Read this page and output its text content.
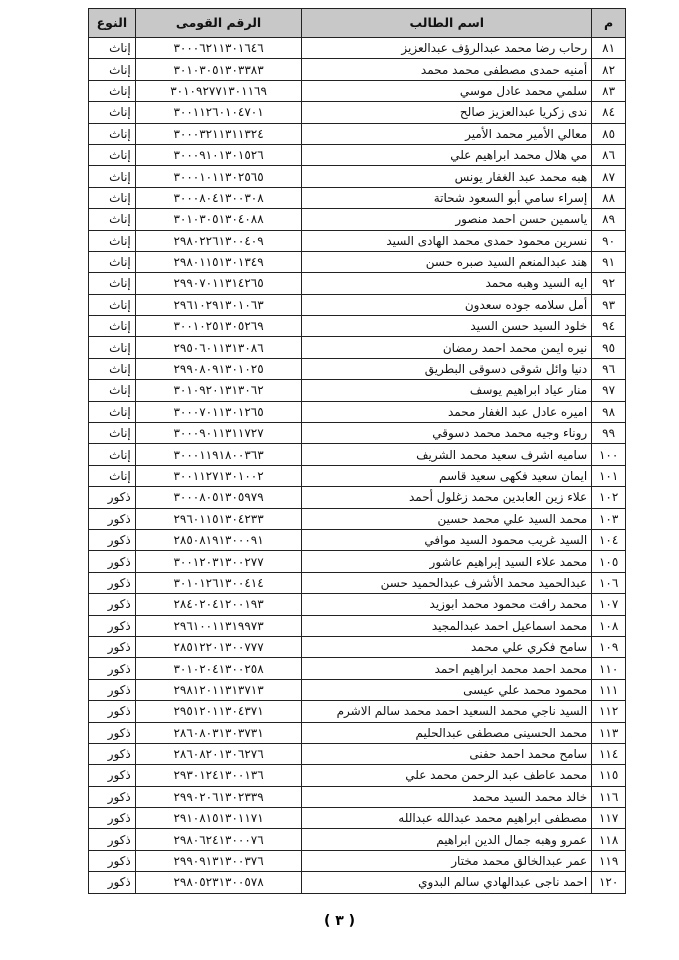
م	اسم الطالب	الرقم القومى	النوع
٨١	رحاب رضا محمد عبدالرؤف عبدالعزيز	٣٠٠٠٦٢١١٣٠١٦٤٦	إناث
٨٢	أمنيه حمدى مصطفى محمد محمد	٣٠١٠٣٠٥١٣٠٣٣٨٣	إناث
٨٣	سلمي محمد عادل موسي	٣٠١٠٩٢٧٧١٣٠١١٦٩	إناث
٨٤	ندى زكريا عبدالعزيز صالح	٣٠٠١١٢٦٠١٠٤٧٠١	إناث
٨٥	معالي الأمير محمد الأمير	٣٠٠٠٣٢١١٣١١٣٢٤	إناث
٨٦	مي هلال محمد ابراهيم علي	٣٠٠٠٩١٠١٣٠١٥٢٦	إناث
٨٧	هبه محمد عبد الغفار يونس	٣٠٠٠١٠١١٣٠٢٥٦٥	إناث
٨٨	إسراء سامي أبو السعود شحاتة	٣٠٠٠٨٠٤١٣٠٠٣٠٨	إناث
٨٩	ياسمين حسن احمد منصور	٣٠١٠٣٠٥١٣٠٤٠٨٨	إناث
٩٠	نسرين محمود حمدى محمد الهادى السيد	٢٩٨٠٢٢٦١٣٠٠٤٠٩	إناث
٩١	هند عبدالمنعم السيد صبره حسن	٢٩٨٠١١٥١٣٠١٣٤٩	إناث
٩٢	ايه السيد وهبه محمد	٢٩٩٠٧٠١١٣١٤٢٦٥	إناث
٩٣	أمل سلامه جوده سعدون	٢٩٦١٠٢٩١٣٠١٠٦٣	إناث
٩٤	خلود السيد حسن السيد	٣٠٠١٠٢٥١٣٠٥٢٦٩	إناث
٩٥	نيره ايمن محمد احمد رمضان	٢٩٥٠٦٠١١٣١٣٠٨٦	إناث
٩٦	دنيا وائل شوقى دسوقى البطريق	٢٩٩٠٨٠٩١٣٠١٠٢٥	إناث
٩٧	منار عياد ابراهيم يوسف	٣٠١٠٩٢٠١٣١٣٠٦٢	إناث
٩٨	اميره عادل عبد الغفار محمد	٣٠٠٠٧٠١١٣٠١٢٦٥	إناث
٩٩	روناء وجيه محمد محمد دسوقي	٣٠٠٠٩٠١١٣١١٧٢٧	إناث
١٠٠	ساميه اشرف سعيد محمد الشريف	٣٠٠٠١١٩١٨٠٠٣٦٣	إناث
١٠١	ايمان سعيد فكهى سعيد قاسم	٣٠٠١١٢٧١٣٠١٠٠٢	إناث
١٠٢	علاء زين العابدين محمد زغلول أحمد	٣٠٠٠٨٠٥١٣٠٥٩٧٩	ذكور
١٠٣	محمد السيد علي محمد حسين	٢٩٦٠١١٥١٣٠٤٢٣٣	ذكور
١٠٤	السيد غريب محمود السيد موافي	٢٨٥٠٨١٩١٣٠٠٠٩١	ذكور
١٠٥	محمد علاء السيد إبراهيم عاشور	٣٠٠١٢٠٣١٣٠٠٢٧٧	ذكور
١٠٦	عبدالحميد محمد الأشرف عبدالحميد حسن	٣٠١٠١٢٦١٣٠٠٤١٤	ذكور
١٠٧	محمد رافت محمود محمد ابوزيد	٢٨٤٠٢٠٤١٢٠٠١٩٣	ذكور
١٠٨	محمد اسماعيل احمد عبدالمجيد	٢٩٦١٠٠١١٣١٩٩٧٣	ذكور
١٠٩	سامح فكري علي محمد	٢٨٥١٢٢٠١٣٠٠٧٧٧	ذكور
١١٠	محمد احمد محمد ابراهيم احمد	٣٠١٠٢٠٤١٣٠٠٢٥٨	ذكور
١١١	محمود محمد علي عيسى	٢٩٨١٢٠١١٣١٣٧١٣	ذكور
١١٢	السيد ناجي محمد السعيد احمد محمد سالم الاشرم	٢٩٥١٢٠١١٣٠٤٣٧١	ذكور
١١٣	محمد الحسينى مصطفى عبدالحليم	٢٨٦٠٨٠٣١٣٠٣٧٣١	ذكور
١١٤	سامح محمد احمد حفنى	٢٨٦٠٨٢٠١٣٠٦٢٧٦	ذكور
١١٥	محمد عاطف عبد الرحمن محمد علي	٢٩٣٠١٢٤١٣٠٠١٣٦	ذكور
١١٦	خالد محمد السيد محمد	٢٩٩٠٢٠٦١٣٠٢٣٣٩	ذكور
١١٧	مصطفى ابراهيم محمد عبدالله عبدالله	٢٩١٠٨١٥١٣٠١١٧١	ذكور
١١٨	عمرو وهبه جمال الدين ابراهيم	٢٩٨٠٦٢٤١٣٠٠٠٧٦	ذكور
١١٩	عمر عبدالخالق محمد مختار	٢٩٩٠٩١٣١٣٠٠٣٧٦	ذكور
١٢٠	احمد ناجى عبدالهادي سالم البدوي	٢٩٨٠٥٢٣١٣٠٠٥٧٨	ذكور
( ٣ )
